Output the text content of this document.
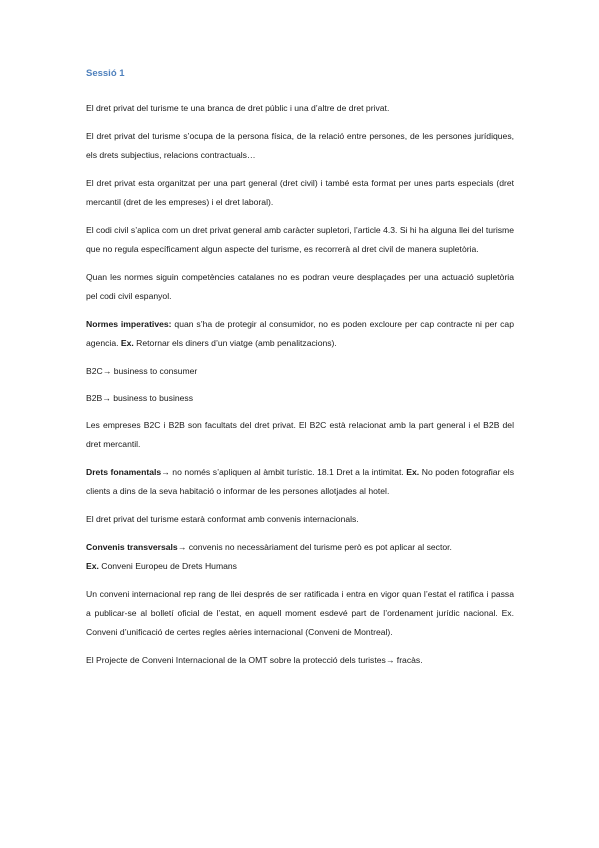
Sessió 1

El dret privat del turisme te una branca de dret públic i una d’altre de dret privat.

El dret privat del turisme s’ocupa de la persona física, de la relació entre persones, de les persones jurídiques, els drets subjectius, relacions contractuals…

El dret privat esta organitzat per una part general (dret civil) i també esta format per unes parts especials (dret mercantil (dret de les empreses) i el dret laboral).

El codi civil s’aplica com un dret privat general amb caràcter supletori, l’article 4.3. Si hi ha alguna llei del turisme que no regula específicament algun aspecte del turisme, es recorrerà al dret civil de manera supletòria.

Quan les normes siguin competències catalanes no es podran veure desplaçades per una actuació supletòria pel codi civil espanyol.

Normes imperatives: quan s’ha de protegir al consumidor, no es poden excloure per cap contracte ni per cap agencia. Ex. Retornar els diners d’un viatge (amb penalitzacions).

B2C→ business to consumer

B2B→ business to business

Les empreses B2C i B2B son facultats del dret privat. El B2C està relacionat amb la part general i el B2B del dret mercantil.

Drets fonamentals→ no només s’apliquen al àmbit turístic. 18.1 Dret a la intimitat. Ex. No poden fotografiar els clients a dins de la seva habitació o informar de les persones allotjades al hotel.

El dret privat del turisme estarà conformat amb convenis internacionals.

Convenis transversals→ convenis no necessàriament del turisme però es pot aplicar al sector.
Ex. Conveni Europeu de Drets Humans

Un conveni internacional rep rang de llei després de ser ratificada i entra en vigor quan l’estat el ratifica i passa a publicar-se al bolletí oficial de l’estat, en aquell moment esdevé part de l’ordenament jurídic nacional. Ex. Conveni d’unificació de certes regles aèries internacional (Conveni de Montreal).

El Projecte de Conveni Internacional de la OMT sobre la protecció dels turistes→ fracàs.
